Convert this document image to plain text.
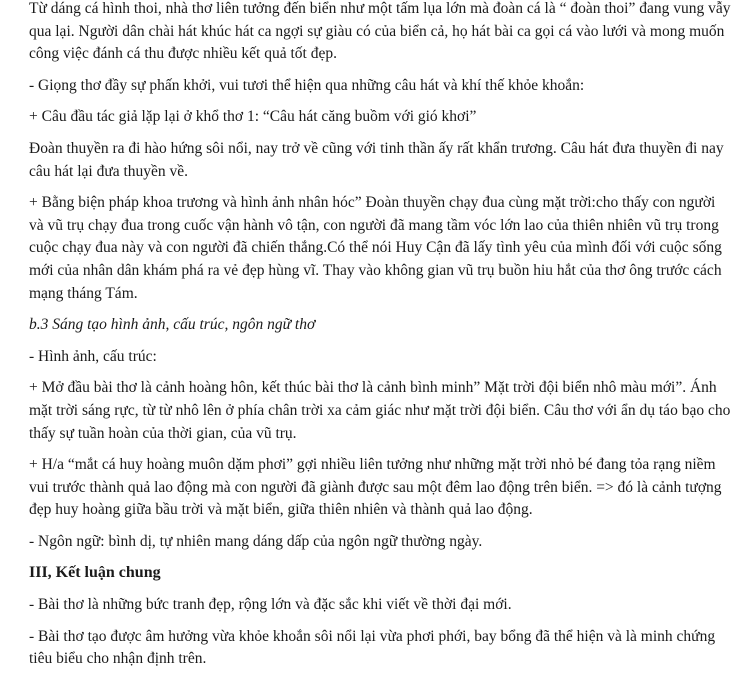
Từ dáng cá hình thoi, nhà thơ liên tưởng đến biển như một tấm lụa lớn mà đoàn cá là “ đoàn thoi” đang vung vẫy qua lại. Người dân chài hát khúc hát ca ngợi sự giàu có của biển cả, họ hát bài ca gọi cá vào lưới và mong muốn công việc đánh cá thu được nhiều kết quả tốt đẹp.

- Giọng thơ đầy sự phấn khởi, vui tươi thể hiện qua những câu hát và khí thế khỏe khoắn:

+ Câu đầu tác giả lặp lại ở khổ thơ 1: “Câu hát căng buồm với gió khơi”

Đoàn thuyền ra đi hào hứng sôi nổi, nay trở về cũng với tinh thần ấy rất khẩn trương. Câu hát đưa thuyền đi nay câu hát lại đưa thuyền về.

+ Bằng biện pháp khoa trương và hình ảnh nhân hóc” Đoàn thuyền chạy đua cùng mặt trời:cho thấy con người và vũ trụ chạy đua trong cuốc vận hành vô tận, con người đã mang tầm vóc lớn lao của thiên nhiên vũ trụ trong cuộc chạy đua này và con người đã chiến thắng.Có thể nói Huy Cận đã lấy tình yêu của mình đối với cuộc sống mới của nhân dân khám phá ra vẻ đẹp hùng vĩ. Thay vào không gian vũ trụ buồn hiu hắt của thơ ông trước cách mạng tháng Tám.

b.3 Sáng tạo hình ảnh, cấu trúc, ngôn ngữ thơ

- Hình ảnh, cấu trúc:

+ Mở đầu bài thơ là cảnh hoàng hôn, kết thúc bài thơ là cảnh bình minh” Mặt trời đội biển nhô màu mới”. Ánh mặt trời sáng rực, từ từ nhô lên ở phía chân trời xa cảm giác như mặt trời đội biển. Câu thơ với ẩn dụ táo bạo cho thấy sự tuần hoàn của thời gian, của vũ trụ.

+ H/a “mắt cá huy hoàng muôn dặm phơi” gợi nhiều liên tưởng như những mặt trời nhỏ bé đang tỏa rạng niềm vui trước thành quả lao động mà con người đã giành được sau một đêm lao động trên biển. => đó là cảnh tượng đẹp huy hoàng giữa bầu trời và mặt biển, giữa thiên nhiên và thành quả lao động.

- Ngôn ngữ: bình dị, tự nhiên mang dáng dấp của ngôn ngữ thường ngày.

III, Kết luận chung

- Bài thơ là những bức tranh đẹp, rộng lớn và đặc sắc khi viết về thời đại mới.

- Bài thơ tạo được âm hưởng vừa khỏe khoắn sôi nổi lại vừa phơi phới, bay bổng đã thể hiện và là minh chứng tiêu biểu cho nhận định trên.
